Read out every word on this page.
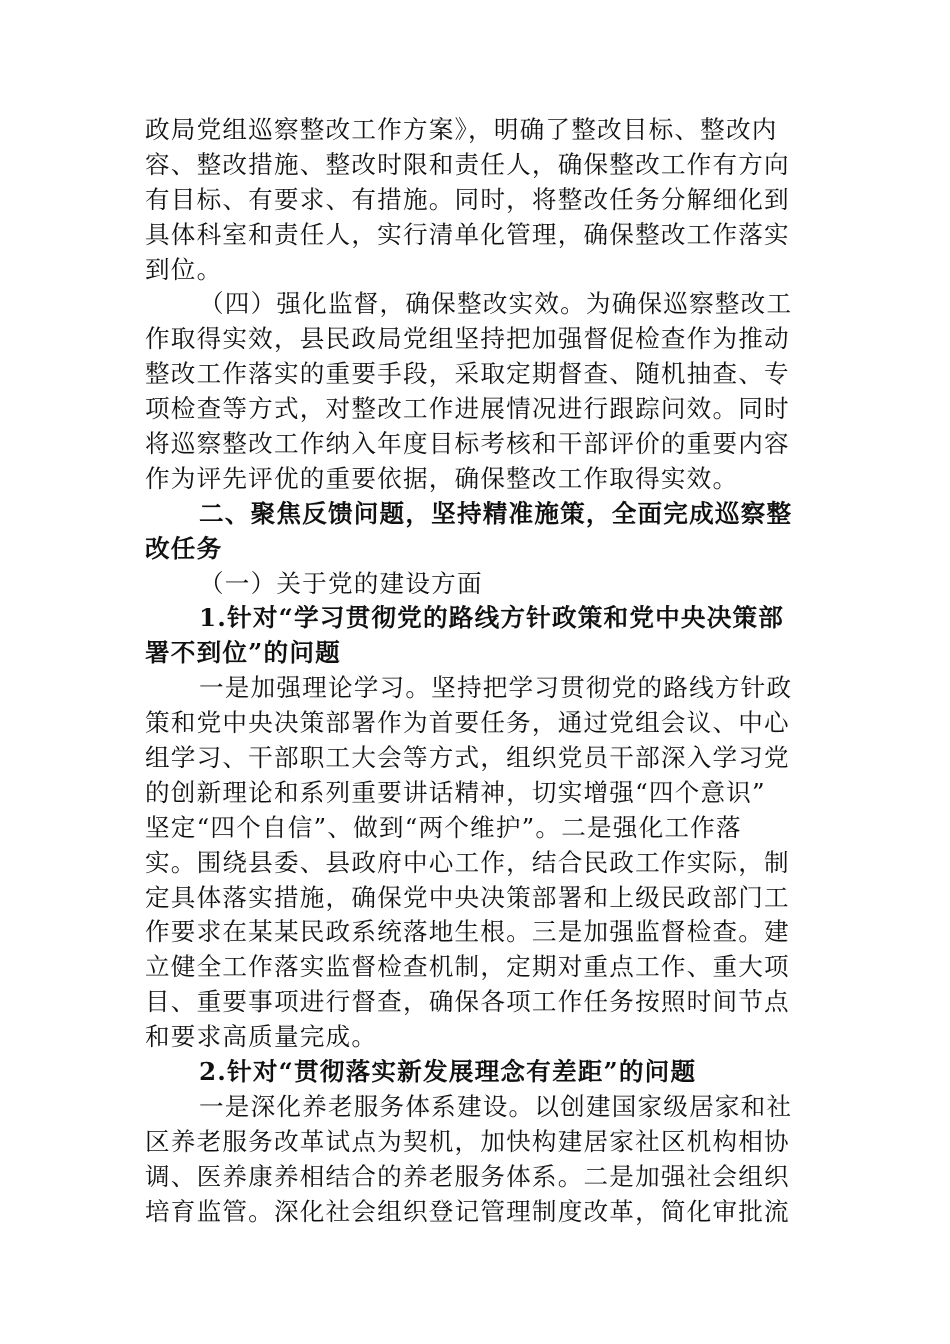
政局党组巡察整改工作方案》，明确了整改目标、整改内
容、整改措施、整改时限和责任人，确保整改工作有方向
有目标、有要求、有措施。同时，将整改任务分解细化到
具体科室和责任人，实行清单化管理，确保整改工作落实
到位。
（四）强化监督，确保整改实效。为确保巡察整改工
作取得实效，县民政局党组坚持把加强督促检查作为推动
整改工作落实的重要手段，采取定期督查、随机抽查、专
项检查等方式，对整改工作进展情况进行跟踪问效。同时
将巡察整改工作纳入年度目标考核和干部评价的重要内容
作为评先评优的重要依据，确保整改工作取得实效。
二、聚焦反馈问题，坚持精准施策，全面完成巡察整
改任务
（一）关于党的建设方面
1.针对“学习贯彻党的路线方针政策和党中央决策部
署不到位”的问题
一是加强理论学习。坚持把学习贯彻党的路线方针政
策和党中央决策部署作为首要任务，通过党组会议、中心
组学习、干部职工大会等方式，组织党员干部深入学习党
的创新理论和系列重要讲话精神，切实增强“四个意识”
坚定“四个自信”、做到“两个维护”。二是强化工作落
实。围绕县委、县政府中心工作，结合民政工作实际，制
定具体落实措施，确保党中央决策部署和上级民政部门工
作要求在某某民政系统落地生根。三是加强监督检查。建
立健全工作落实监督检查机制，定期对重点工作、重大项
目、重要事项进行督查，确保各项工作任务按照时间节点
和要求高质量完成。
2.针对“贯彻落实新发展理念有差距”的问题
一是深化养老服务体系建设。以创建国家级居家和社
区养老服务改革试点为契机，加快构建居家社区机构相协
调、医养康养相结合的养老服务体系。二是加强社会组织
培育监管。深化社会组织登记管理制度改革，简化审批流
